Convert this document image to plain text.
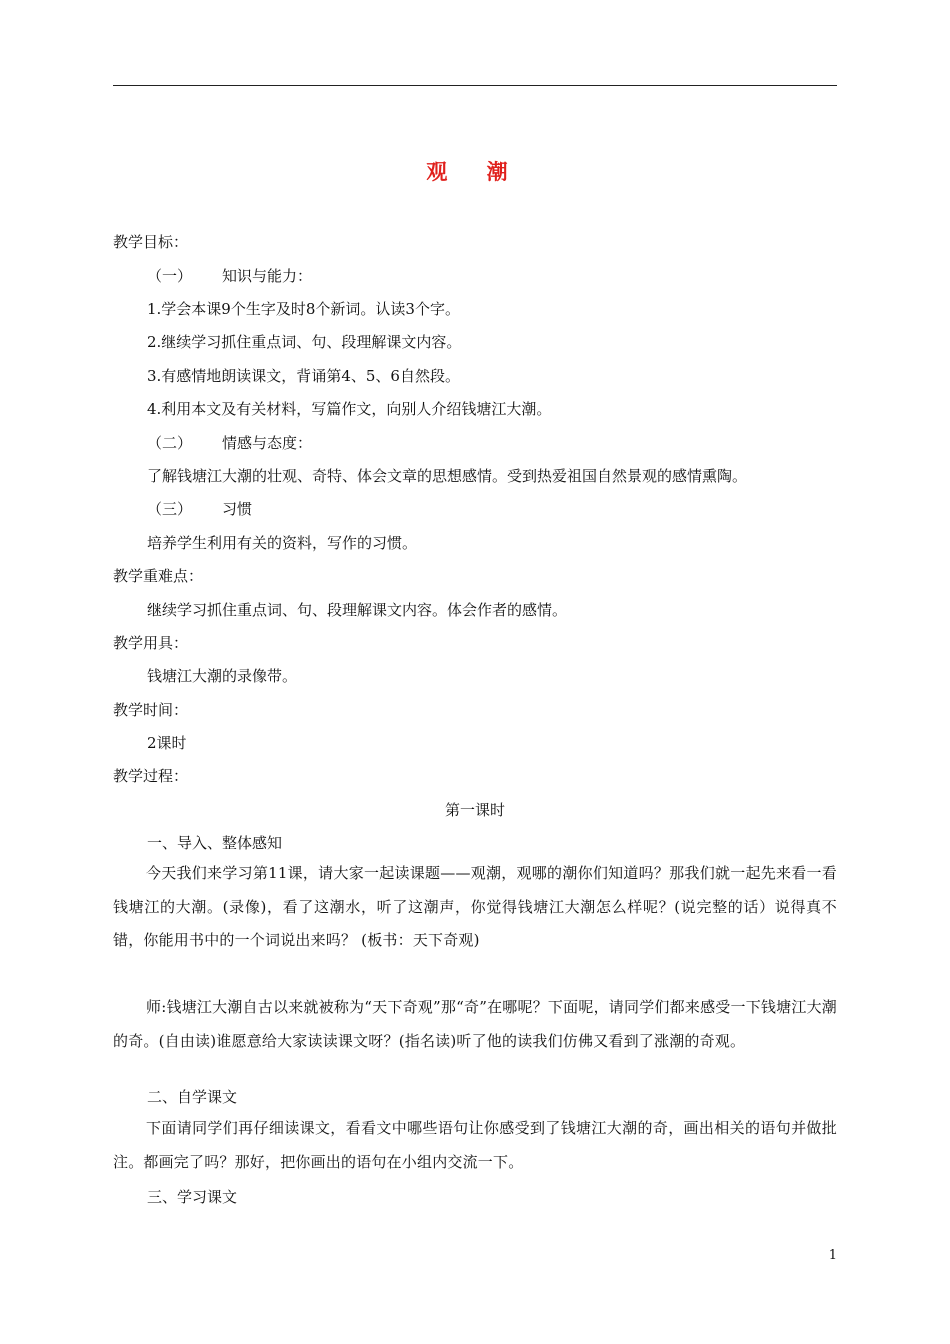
观 潮
教学目标：
（一） 知识与能力：
1.学会本课9个生字及时8个新词。认读3个字。
2.继续学习抓住重点词、句、段理解课文内容。
3.有感情地朗读课文，背诵第4、5、6自然段。
4.利用本文及有关材料，写篇作文，向别人介绍钱塘江大潮。
（二） 情感与态度：
了解钱塘江大潮的壮观、奇特、体会文章的思想感情。受到热爱祖国自然景观的感情熏陶。
（三） 习惯
培养学生利用有关的资料，写作的习惯。
教学重难点：
继续学习抓住重点词、句、段理解课文内容。体会作者的感情。
教学用具：
钱塘江大潮的录像带。
教学时间：
2课时
教学过程：
第一课时
一、导入、整体感知
今天我们来学习第11课，请大家一起读课题——观潮，观哪的潮你们知道吗？那我们就一起先来看一看钱塘江的大潮。(录像)，看了这潮水，听了这潮声，你觉得钱塘江大潮怎么样呢？(说完整的话）说得真不错，你能用书中的一个词说出来吗？ (板书：天下奇观)
师:钱塘江大潮自古以来就被称为“天下奇观”那“奇”在哪呢？下面呢，请同学们都来感受一下钱塘江大潮的奇。(自由读)谁愿意给大家读读课文呀？(指名读)听了他的读我们仿佛又看到了涨潮的奇观。
二、自学课文
下面请同学们再仔细读课文，看看文中哪些语句让你感受到了钱塘江大潮的奇，画出相关的语句并做批注。都画完了吗？那好，把你画出的语句在小组内交流一下。
三、学习课文
1
